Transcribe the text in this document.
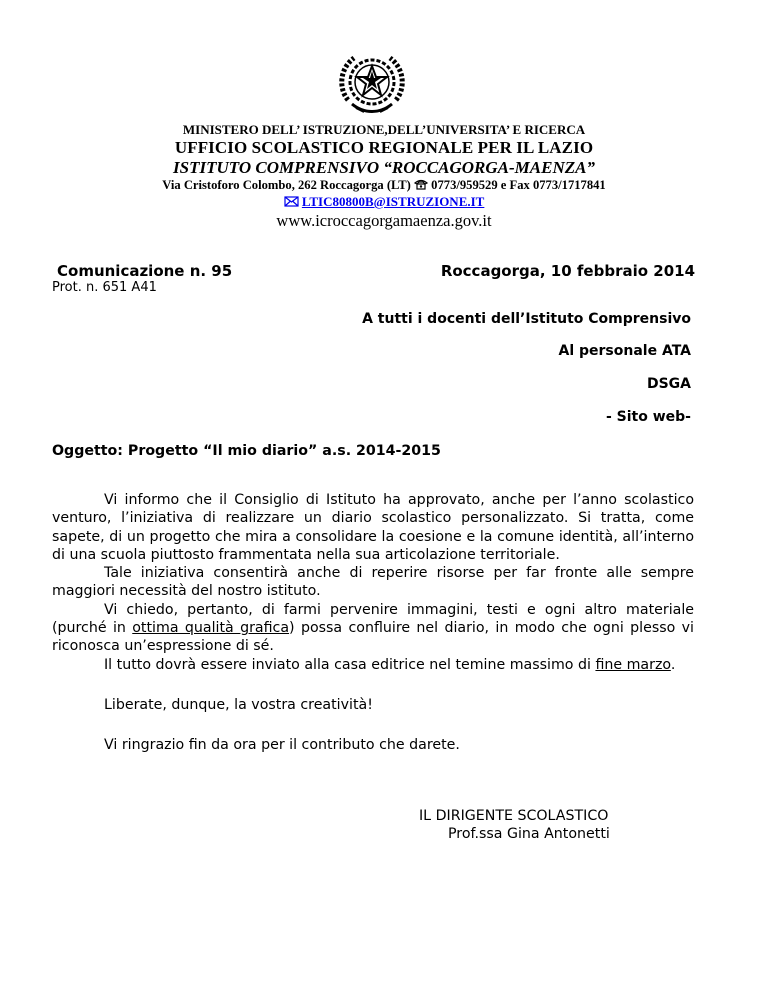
MINISTERO DELL’ ISTRUZIONE,DELL’UNIVERSITA’ E RICERCA
UFFICIO SCOLASTICO REGIONALE PER IL LAZIO
ISTITUTO COMPRENSIVO “ROCCAGORGA-MAENZA”
Via Cristoforo Colombo, 262 Roccagorga (LT) 0773/959529 e Fax 0773/1717841
LTIC80800B@ISTRUZIONE.IT
www.icroccagorgamaenza.gov.it
Comunicazione n. 95	Roccagorga, 10 febbraio 2014
Prot. n. 651 A41
A tutti i docenti dell’Istituto Comprensivo
Al personale ATA
DSGA
- Sito web-
Oggetto: Progetto “Il mio diario” a.s. 2014-2015

Vi informo che il Consiglio di Istituto ha approvato, anche per l’anno scolastico venturo, l’iniziativa di realizzare un diario scolastico personalizzato. Si tratta, come sapete, di un progetto che mira a consolidare la coesione e la comune identità, all’interno di una scuola piuttosto frammentata nella sua articolazione territoriale.

Tale iniziativa consentirà anche di reperire risorse per far fronte alle sempre maggiori necessità del nostro istituto.

Vi chiedo, pertanto, di farmi pervenire immagini, testi e ogni altro materiale (purché in ottima qualità grafica) possa confluire nel diario, in modo che ogni plesso vi riconosca un’espressione di sé.

Il tutto dovrà essere inviato alla casa editrice nel temine massimo di fine marzo.

Liberate, dunque, la vostra creatività!

Vi ringrazio fin da ora per il contributo che darete.

IL DIRIGENTE SCOLASTICO
Prof.ssa Gina Antonetti
